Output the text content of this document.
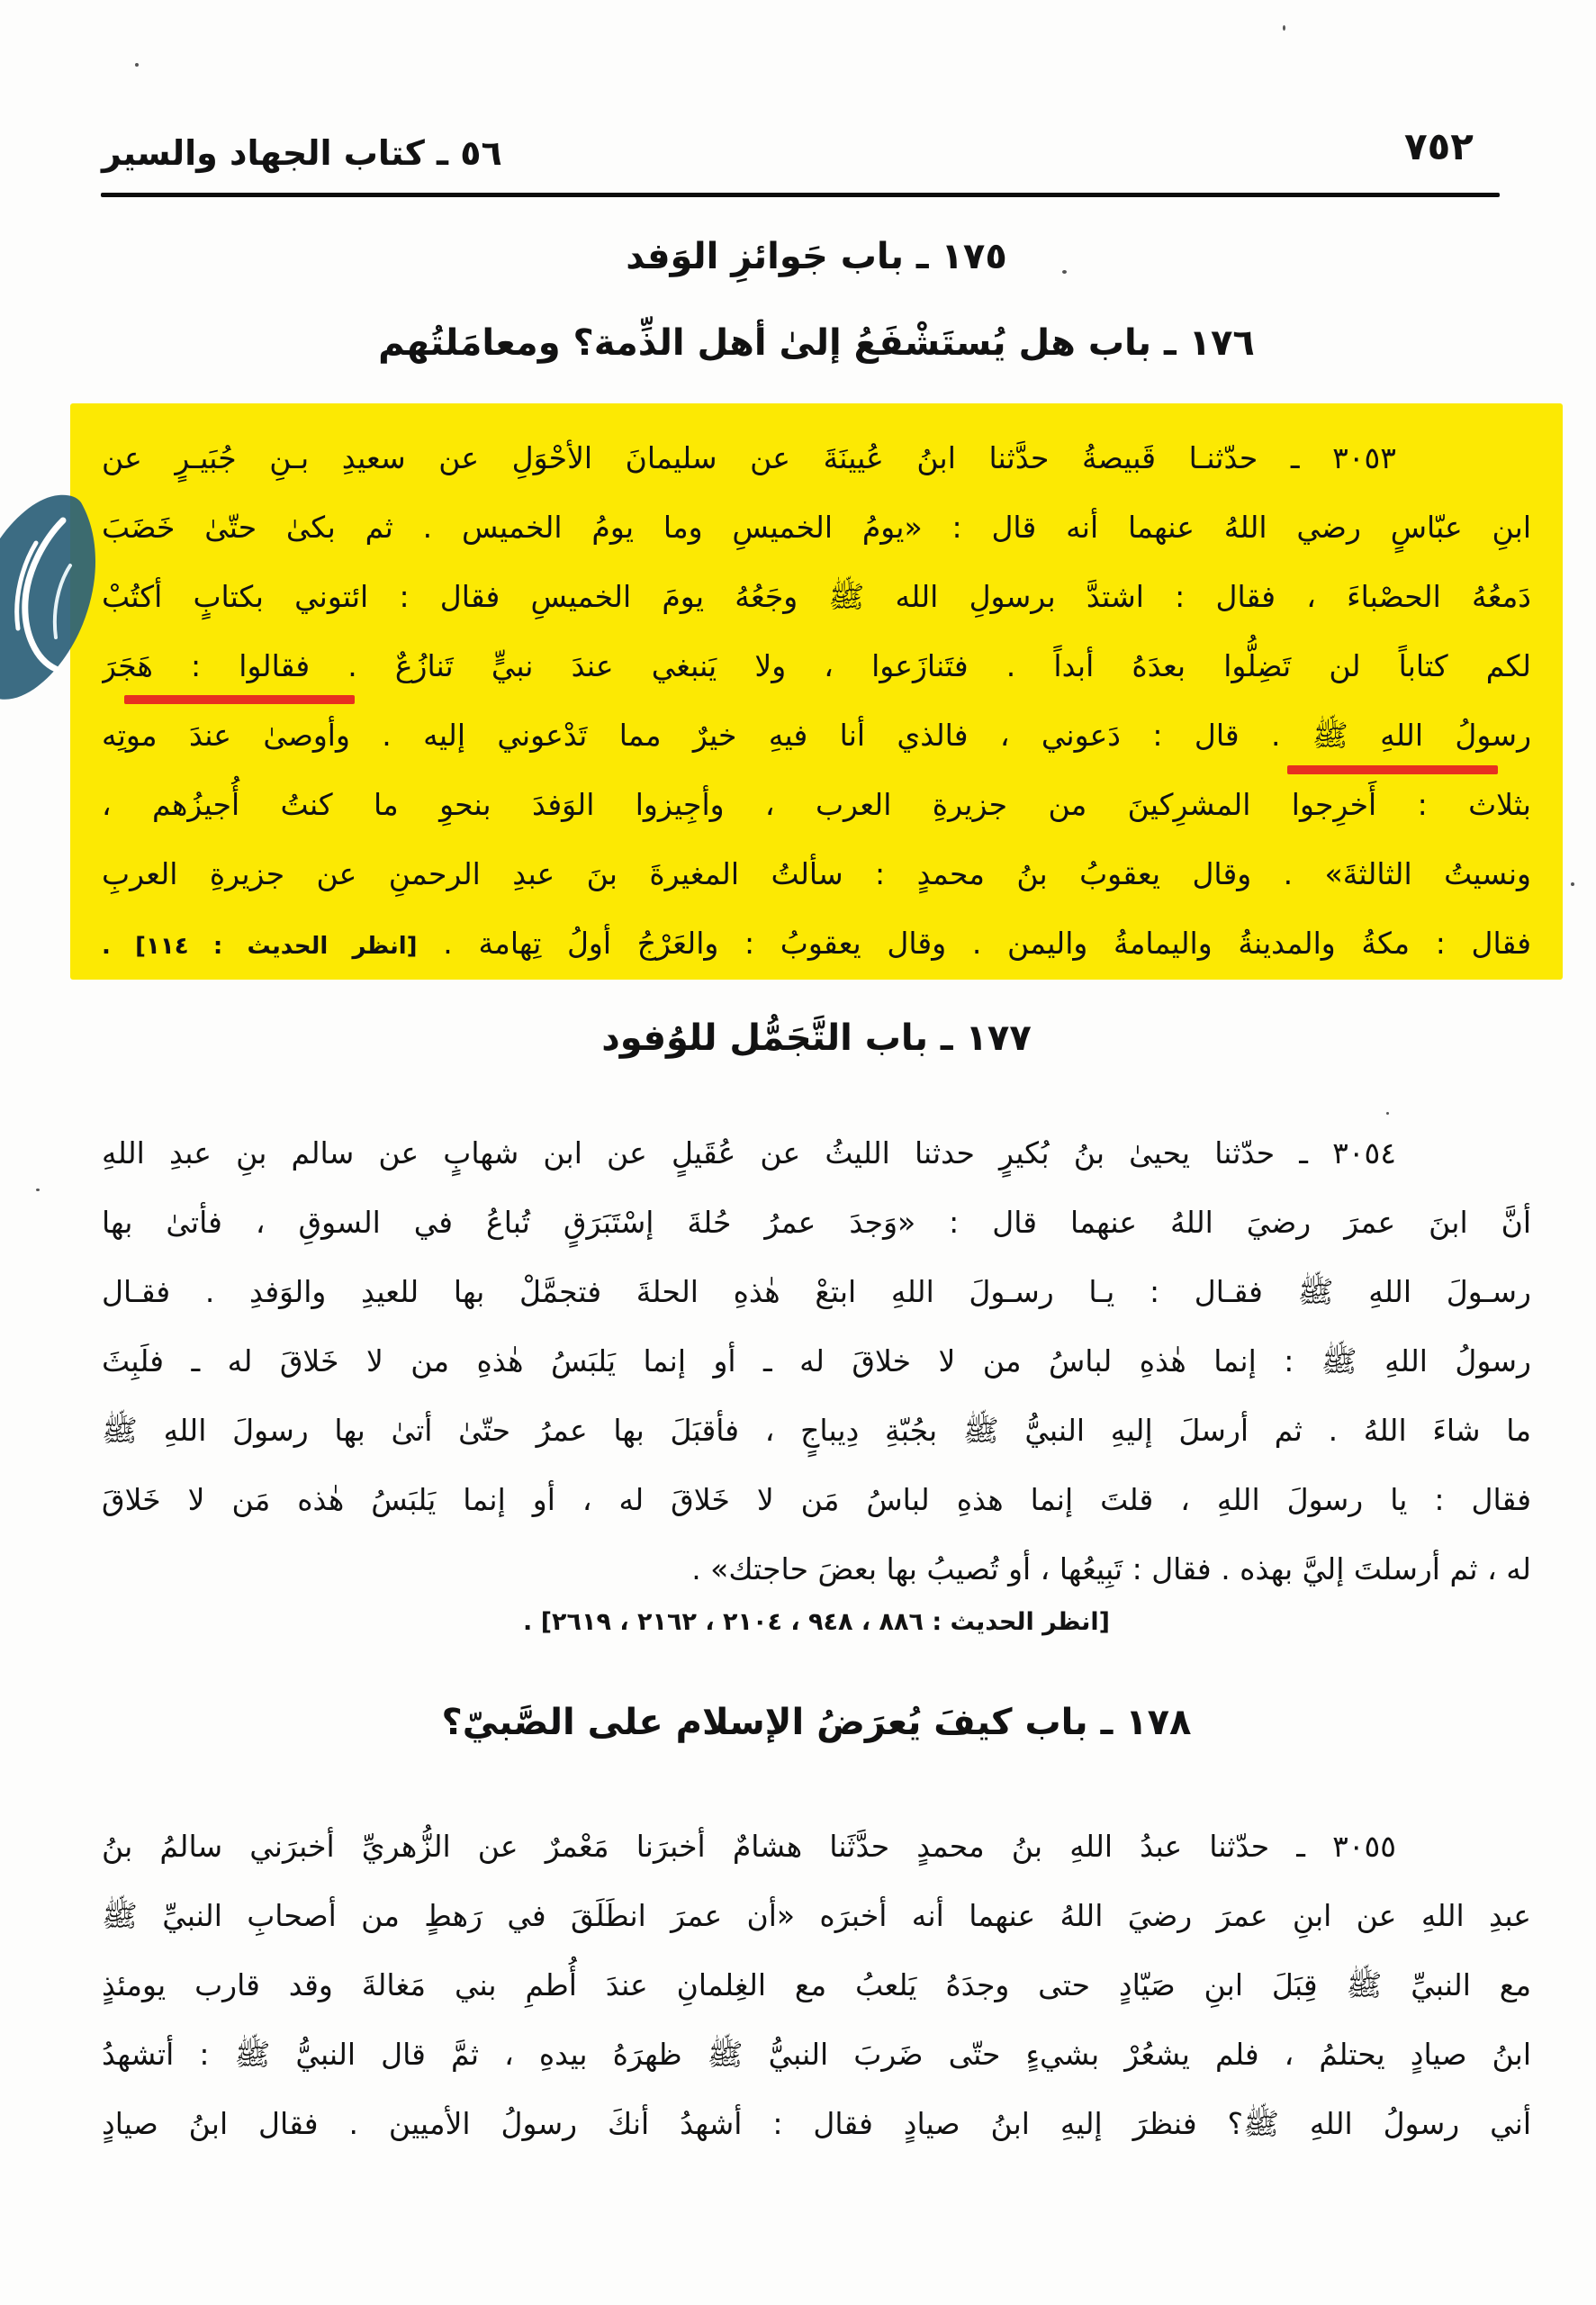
٥٦ ـ كتاب الجهاد والسير	٧٥٢
١٧٥ ـ باب جَوائزِ الوَفد
١٧٦ ـ باب هل يُستَشْفَعُ إلىٰ أهل الذِّمة؟ ومعامَلتُهم
٣٠٥٣ ـ حدّثنـا قَبيصةُ حدَّثنا ابنُ عُيينَةَ عن سليمانَ الأحْوَلِ عن سعيدِ بـنِ جُبَيـرٍ عن
ابنِ عبّاسٍ رضي اللهُ عنهما أنه قال : «يومُ الخميسِ وما يومُ الخميس . ثم بكىٰ حتّىٰ خَضَبَ
دَمعُهُ الحصْباءَ ، فقال : اشتدَّ برسولِ الله ﷺ وجَعُهُ يومَ الخميسِ فقال : ائتوني بكتابٍ أكتُبْ
لكم كتاباً لن تَضِلُّوا بعدَهُ أبداً . فتَنازَعوا ، ولا يَنبغي عندَ نبيٍّ تَنازُعٌ . فقالوا : هَجَرَ
رسولُ اللهِ ﷺ . قال : دَعوني ، فالذي أنا فيهِ خيرٌ مما تَدْعوني إليه . وأوصىٰ عندَ موتِه
بثلاث : أَخرِجوا المشرِكينَ من جزيرةِ العرب ، وأجِيزوا الوَفدَ بنحوِ ما كنتُ أُجيزُهم ،
ونسيتُ الثالثةَ» . وقال يعقوبُ بنُ محمدٍ : سألتُ المغيرةَ بنَ عبدِ الرحمنِ عن جزيرةِ العربِ
فقال : مكةُ والمدينةُ واليمامةُ واليمن . وقال يعقوبُ : والعَرْجُ أولُ تِهامة . [انظر الحديث : ١١٤] .
١٧٧ ـ باب التَّجَمُّل للوُفود
٣٠٥٤ ـ حدّثنا يحيىٰ بنُ بُكيرٍ حدثنا الليثُ عن عُقَيلٍ عن ابن شهابٍ عن سالم بنِ عبدِ اللهِ
أنَّ ابنَ عمرَ رضيَ اللهُ عنهما قال : «وَجدَ عمرُ حُلةَ إسْتَبَرَقٍ تُباعُ في السوقِ ، فأتىٰ بها
رسـولَ اللهِ ﷺ فقـال : يـا رسـولَ اللهِ ابتعْ هٰذهِ الحلةَ فتجمَّلْ بها للعيدِ والوَفدِ . فقـال
رسولُ اللهِ ﷺ : إنما هٰذهِ لباسُ من لا خلاقَ له ـ أو إنما يَلبَسُ هٰذهِ من لا خَلاقَ له ـ فلَبِثَ
ما شاءَ اللهُ . ثم أرسلَ إليهِ النبيُّ ﷺ بجُبّةِ دِيباجٍ ، فأقبَلَ بها عمرُ حتّىٰ أتىٰ بها رسولَ اللهِ ﷺ
فقال : يا رسولَ اللهِ ، قلتَ إنما هذهِ لباسُ مَن لا خَلاقَ له ، أو إنما يَلبَسُ هٰذه مَن لا خَلاقَ
له ، ثم أرسلتَ إليَّ بهذه . فقال : تَبِيعُها ، أو تُصيبُ بها بعضَ حاجتك» .
[انظر الحديث : ٨٨٦ ، ٩٤٨ ، ٢١٠٤ ، ٢١٦٢ ، ٢٦١٩] .
١٧٨ ـ باب كيفَ يُعرَضُ الإسلام على الصَّبيّ؟
٣٠٥٥ ـ حدّثنا عبدُ اللهِ بنُ محمدٍ حدَّثَنا هشامٌ أخبرَنا مَعْمرٌ عن الزُّهريِّ أخبرَني سالمُ بنُ
عبدِ اللهِ عن ابنِ عمرَ رضيَ اللهُ عنهما أنه أخبرَه «أن عمرَ انطَلَقَ في رَهطٍ من أصحابِ النبيِّ ﷺ
مع النبيِّ ﷺ قِبَلَ ابنِ صَيّادٍ حتى وجدَهُ يَلعبُ مع الغِلمانِ عندَ أُطمِ بني مَغالةَ وقد قارب يومئذٍ
ابنُ صيادٍ يحتلمُ ، فلم يشعُرْ بشيءٍ حتّى ضَربَ النبيُّ ﷺ ظهرَهُ بيدهِ ، ثمَّ قال النبيُّ ﷺ : أتشهدُ
أني رسولُ اللهِ ﷺ؟ فنظرَ إليهِ ابنُ صيادٍ فقال : أشهدُ أنكَ رسولُ الأميين . فقال ابنُ صيادٍ
